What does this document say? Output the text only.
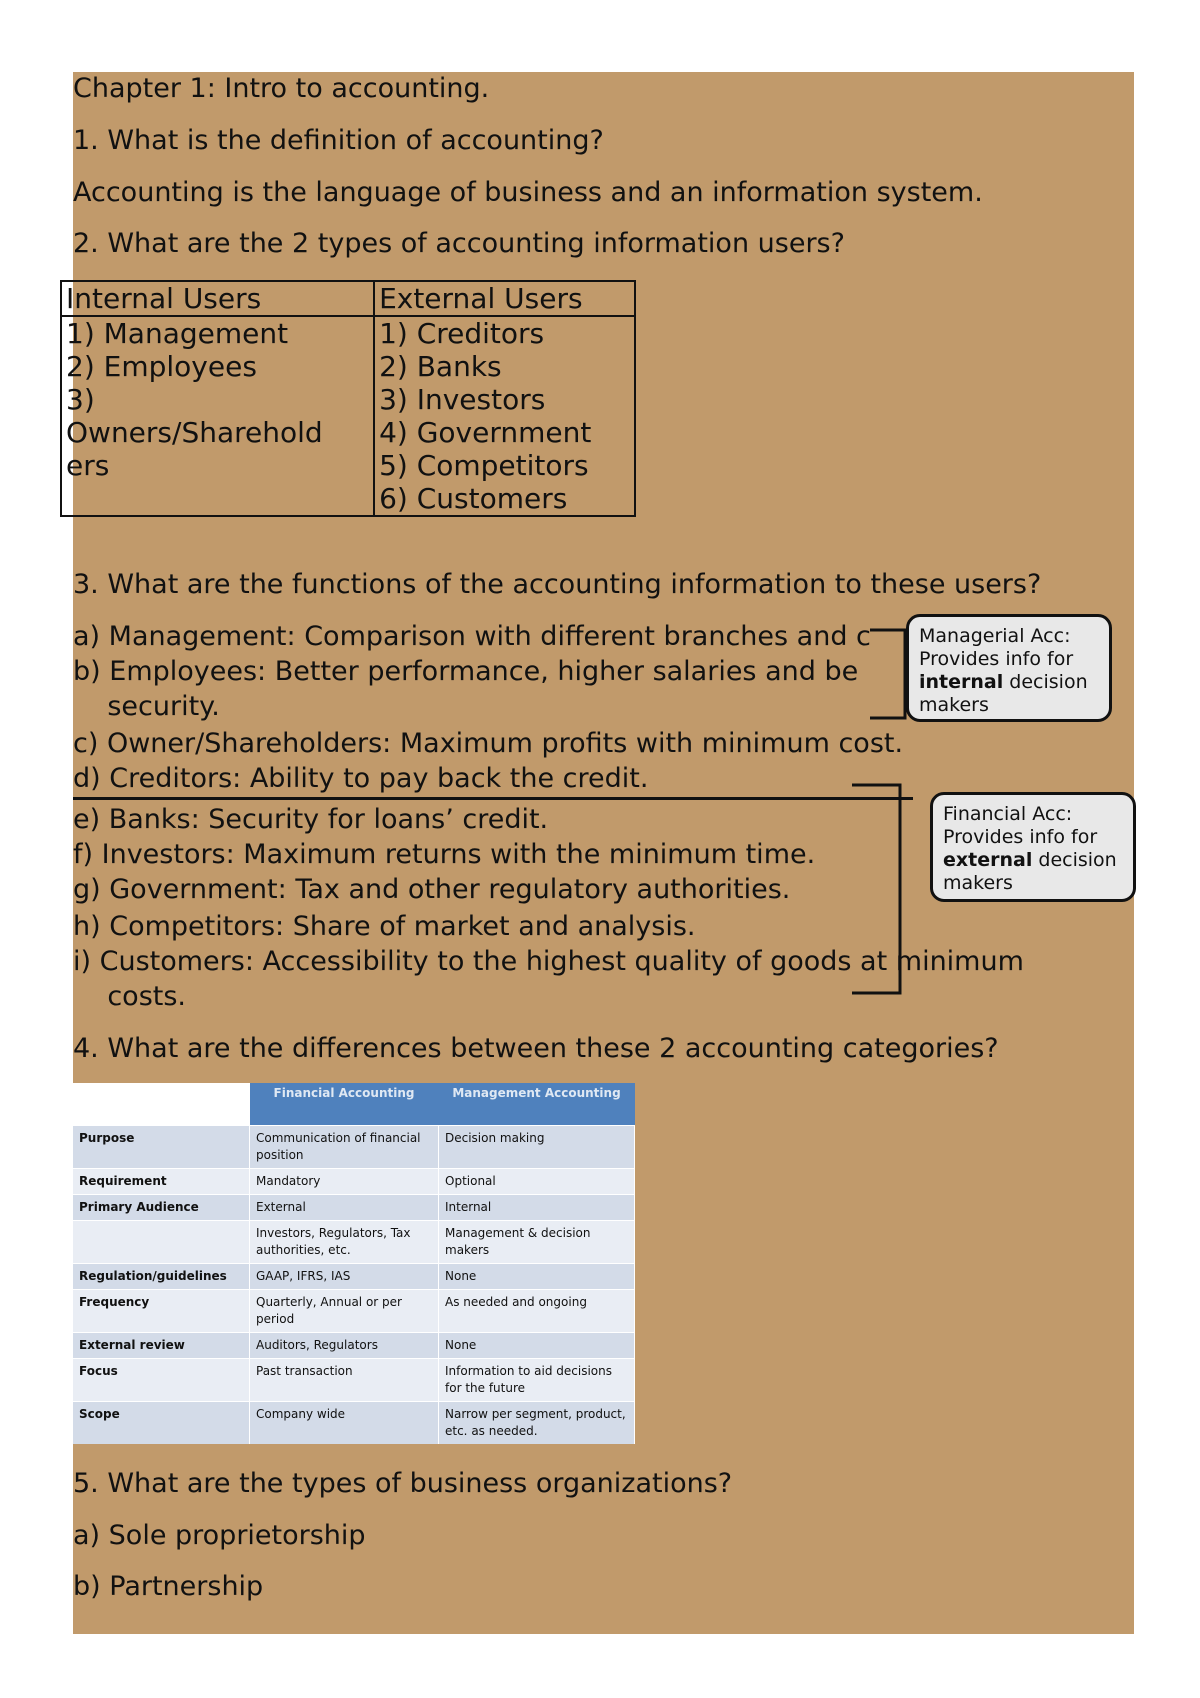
Chapter 1: Intro to accounting.
1. What is the definition of accounting?
Accounting is the language of business and an information system.
2. What are the 2 types of accounting information users?
Internal Users	External Users
1) Management	1) Creditors
2) Employees	2) Banks
3)	3) Investors
Owners/Sharehold	4) Government
ers	5) Competitors
	6) Customers
3. What are the functions of the accounting information to these users?
a) Management: Comparison with different branches and c
b) Employees: Better performance, higher salaries and be
security.
c) Owner/Shareholders: Maximum profits with minimum cost.
d) Creditors: Ability to pay back the credit.
e) Banks: Security for loans’ credit.
f) Investors: Maximum returns with the minimum time.
g) Government: Tax and other regulatory authorities.
h) Competitors: Share of market and analysis.
i) Customers: Accessibility to the highest quality of goods at minimum
costs.
Managerial Acc:
Provides info for
internal decision
makers
Financial Acc:
Provides info for
external decision
makers
4. What are the differences between these 2 accounting categories?
	Financial Accounting	Management Accounting
Purpose	Communication of financial position	Decision making
Requirement	Mandatory	Optional
Primary Audience	External	Internal
	Investors, Regulators, Tax authorities, etc.	Management & decision makers
Regulation/guidelines	GAAP, IFRS, IAS	None
Frequency	Quarterly, Annual or per period	As needed and ongoing
External review	Auditors, Regulators	None
Focus	Past transaction	Information to aid decisions for the future
Scope	Company wide	Narrow per segment, product, etc. as needed.
5. What are the types of business organizations?
a) Sole proprietorship
b) Partnership
